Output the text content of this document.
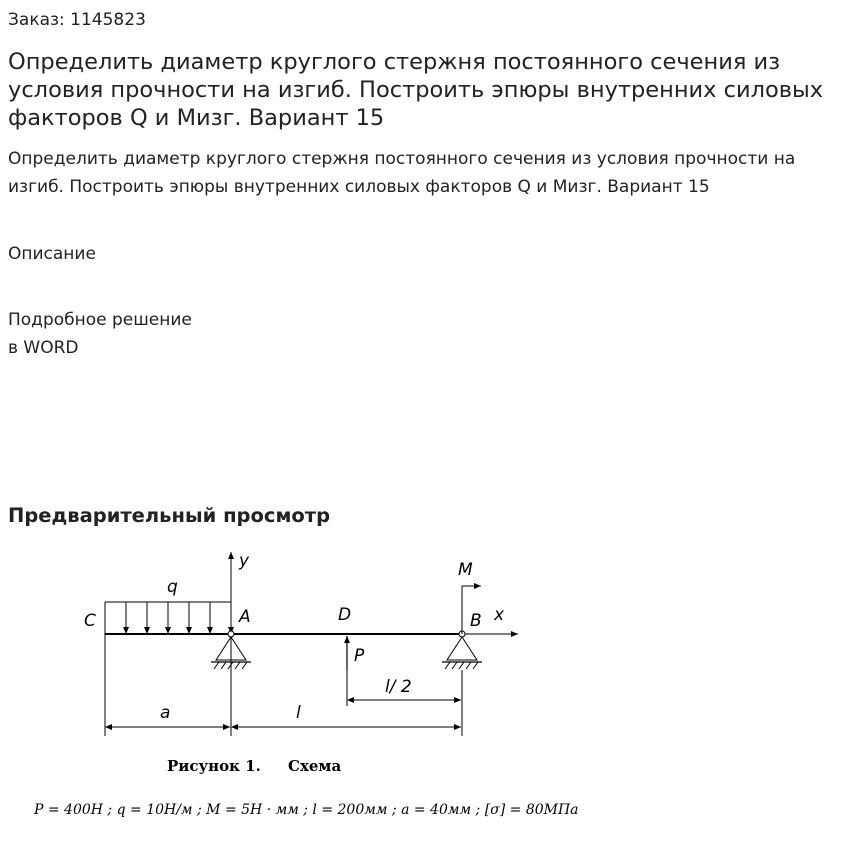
Заказ: 1145823
Определить диаметр круглого стержня постоянного сечения из условия прочности на изгиб. Построить эпюры внутренних силовых факторов Q и Мизг. Вариант 15
Определить диаметр круглого стержня постоянного сечения из условия прочности на изгиб. Построить эпюры внутренних силовых факторов Q и Мизг. Вариант 15
Описание
Подробное решение
в WORD
Предварительный просмотр
x
y
q
C	A	D	B
P
M
l/ 2
a	l
Рисунок 1. Схема
P = 400H ; q = 10H/м ; M = 5H · мм ; l = 200мм ; a = 40мм ; [σ] = 80МПа
